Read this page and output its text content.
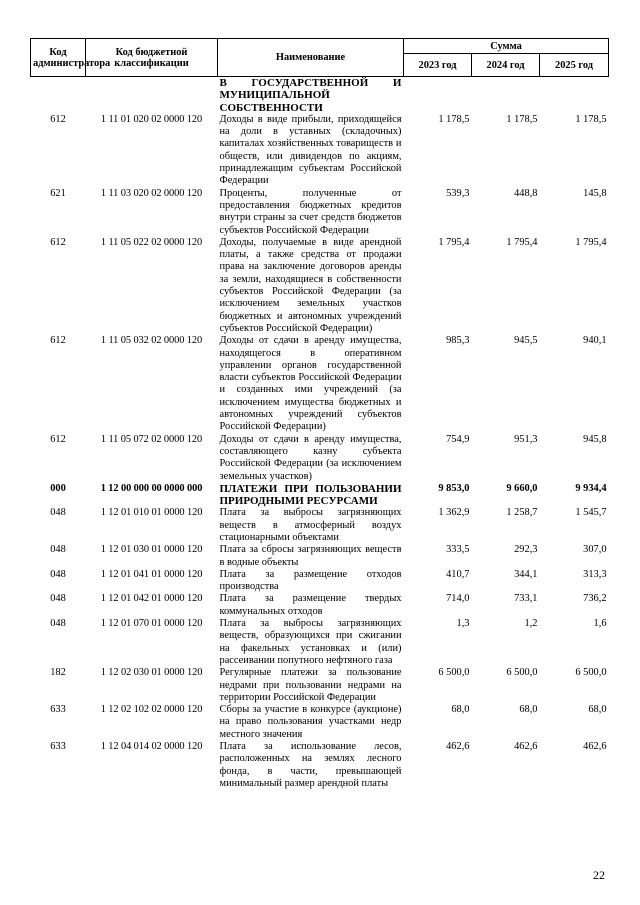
Код администратора	Код бюджетной классификации	Наименование	Сумма		
			2023 год	2024 год	2025 год
		В ГОСУДАРСТВЕННОЙ И МУНИЦИПАЛЬНОЙ СОБСТВЕННОСТИ			
612	1 11 01 020 02 0000 120	Доходы в виде прибыли, приходящейся на доли в уставных (складочных) капиталах хозяйственных товариществ и обществ, или дивидендов по акциям, принадлежащим субъектам Российской Федерации	1 178,5	1 178,5	1 178,5
621	1 11 03 020 02 0000 120	Проценты, полученные от предоставления бюджетных кредитов внутри страны за счет средств бюджетов субъектов Российской Федерации	539,3	448,8	145,8
612	1 11 05 022 02 0000 120	Доходы, получаемые в виде арендной платы, а также средства от продажи права на заключение договоров аренды за земли, находящиеся в собственности субъектов Российской Федерации (за исключением земельных участков бюджетных и автономных учреждений субъектов Российской Федерации)	1 795,4	1 795,4	1 795,4
612	1 11 05 032 02 0000 120	Доходы от сдачи в аренду имущества, находящегося в оперативном управлении органов государственной власти субъектов Российской Федерации и созданных ими учреждений (за исключением имущества бюджетных и автономных учреждений субъектов Российской Федерации)	985,3	945,5	940,1
612	1 11 05 072 02 0000 120	Доходы от сдачи в аренду имущества, составляющего казну субъекта Российской Федерации (за исключением земельных участков)	754,9	951,3	945,8
000	1 12 00 000 00 0000 000	ПЛАТЕЖИ ПРИ ПОЛЬЗОВАНИИ ПРИРОДНЫМИ РЕСУРСАМИ	9 853,0	9 660,0	9 934,4
048	1 12 01 010 01 0000 120	Плата за выбросы загрязняющих веществ в атмосферный воздух стационарными объектами	1 362,9	1 258,7	1 545,7
048	1 12 01 030 01 0000 120	Плата за сбросы загрязняющих веществ в водные объекты	333,5	292,3	307,0
048	1 12 01 041 01 0000 120	Плата за размещение отходов производства	410,7	344,1	313,3
048	1 12 01 042 01 0000 120	Плата за размещение твердых коммунальных отходов	714,0	733,1	736,2
048	1 12 01 070 01 0000 120	Плата за выбросы загрязняющих веществ, образующихся при сжигании на факельных установках и (или) рассеивании попутного нефтяного газа	1,3	1,2	1,6
182	1 12 02 030 01 0000 120	Регулярные платежи за пользование недрами при пользовании недрами на территории Российской Федерации	6 500,0	6 500,0	6 500,0
633	1 12 02 102 02 0000 120	Сборы за участие в конкурсе (аукционе) на право пользования участками недр местного значения	68,0	68,0	68,0
633	1 12 04 014 02 0000 120	Плата за использование лесов, расположенных на землях лесного фонда, в части, превышающей минимальный размер арендной платы	462,6	462,6	462,6
22
